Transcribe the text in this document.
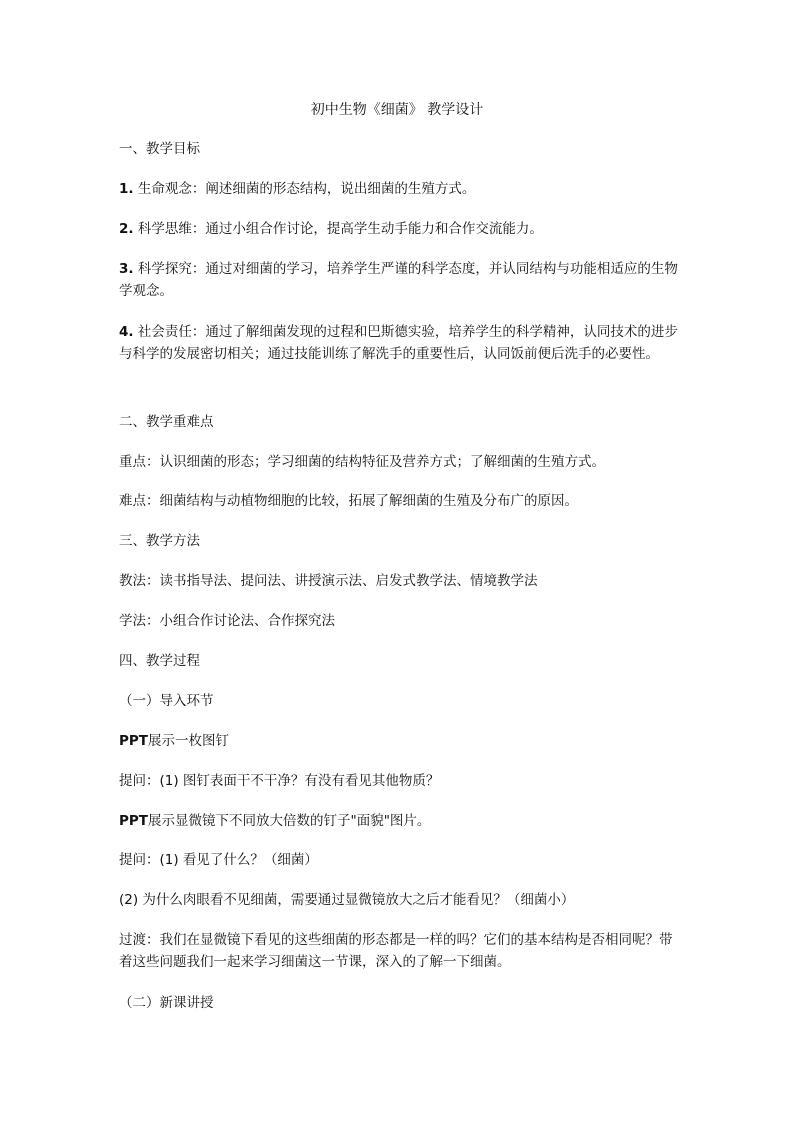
初中生物《细菌》 教学设计
一、教学目标
1. 生命观念：阐述细菌的形态结构，说出细菌的生殖方式。
2. 科学思维：通过小组合作讨论，提高学生动手能力和合作交流能力。
3. 科学探究：通过对细菌的学习，培养学生严谨的科学态度，并认同结构与功能相适应的生物学观念。
4. 社会责任：通过了解细菌发现的过程和巴斯德实验，培养学生的科学精神，认同技术的进步与科学的发展密切相关；通过技能训练了解洗手的重要性后，认同饭前便后洗手的必要性。
二、教学重难点
重点：认识细菌的形态；学习细菌的结构特征及营养方式；了解细菌的生殖方式。
难点：细菌结构与动植物细胞的比较，拓展了解细菌的生殖及分布广的原因。
三、教学方法
教法：读书指导法、提问法、讲授演示法、启发式教学法、情境教学法
学法：小组合作讨论法、合作探究法
四、教学过程
（一）导入环节
PPT展示一枚图钉
提问：(1) 图钉表面干不干净？有没有看见其他物质？
PPT展示显微镜下不同放大倍数的钉子"面貌"图片。
提问：(1) 看见了什么？（细菌）
(2) 为什么肉眼看不见细菌，需要通过显微镜放大之后才能看见？（细菌小）
过渡：我们在显微镜下看见的这些细菌的形态都是一样的吗？它们的基本结构是否相同呢？带着这些问题我们一起来学习细菌这一节课，深入的了解一下细菌。
（二）新课讲授
